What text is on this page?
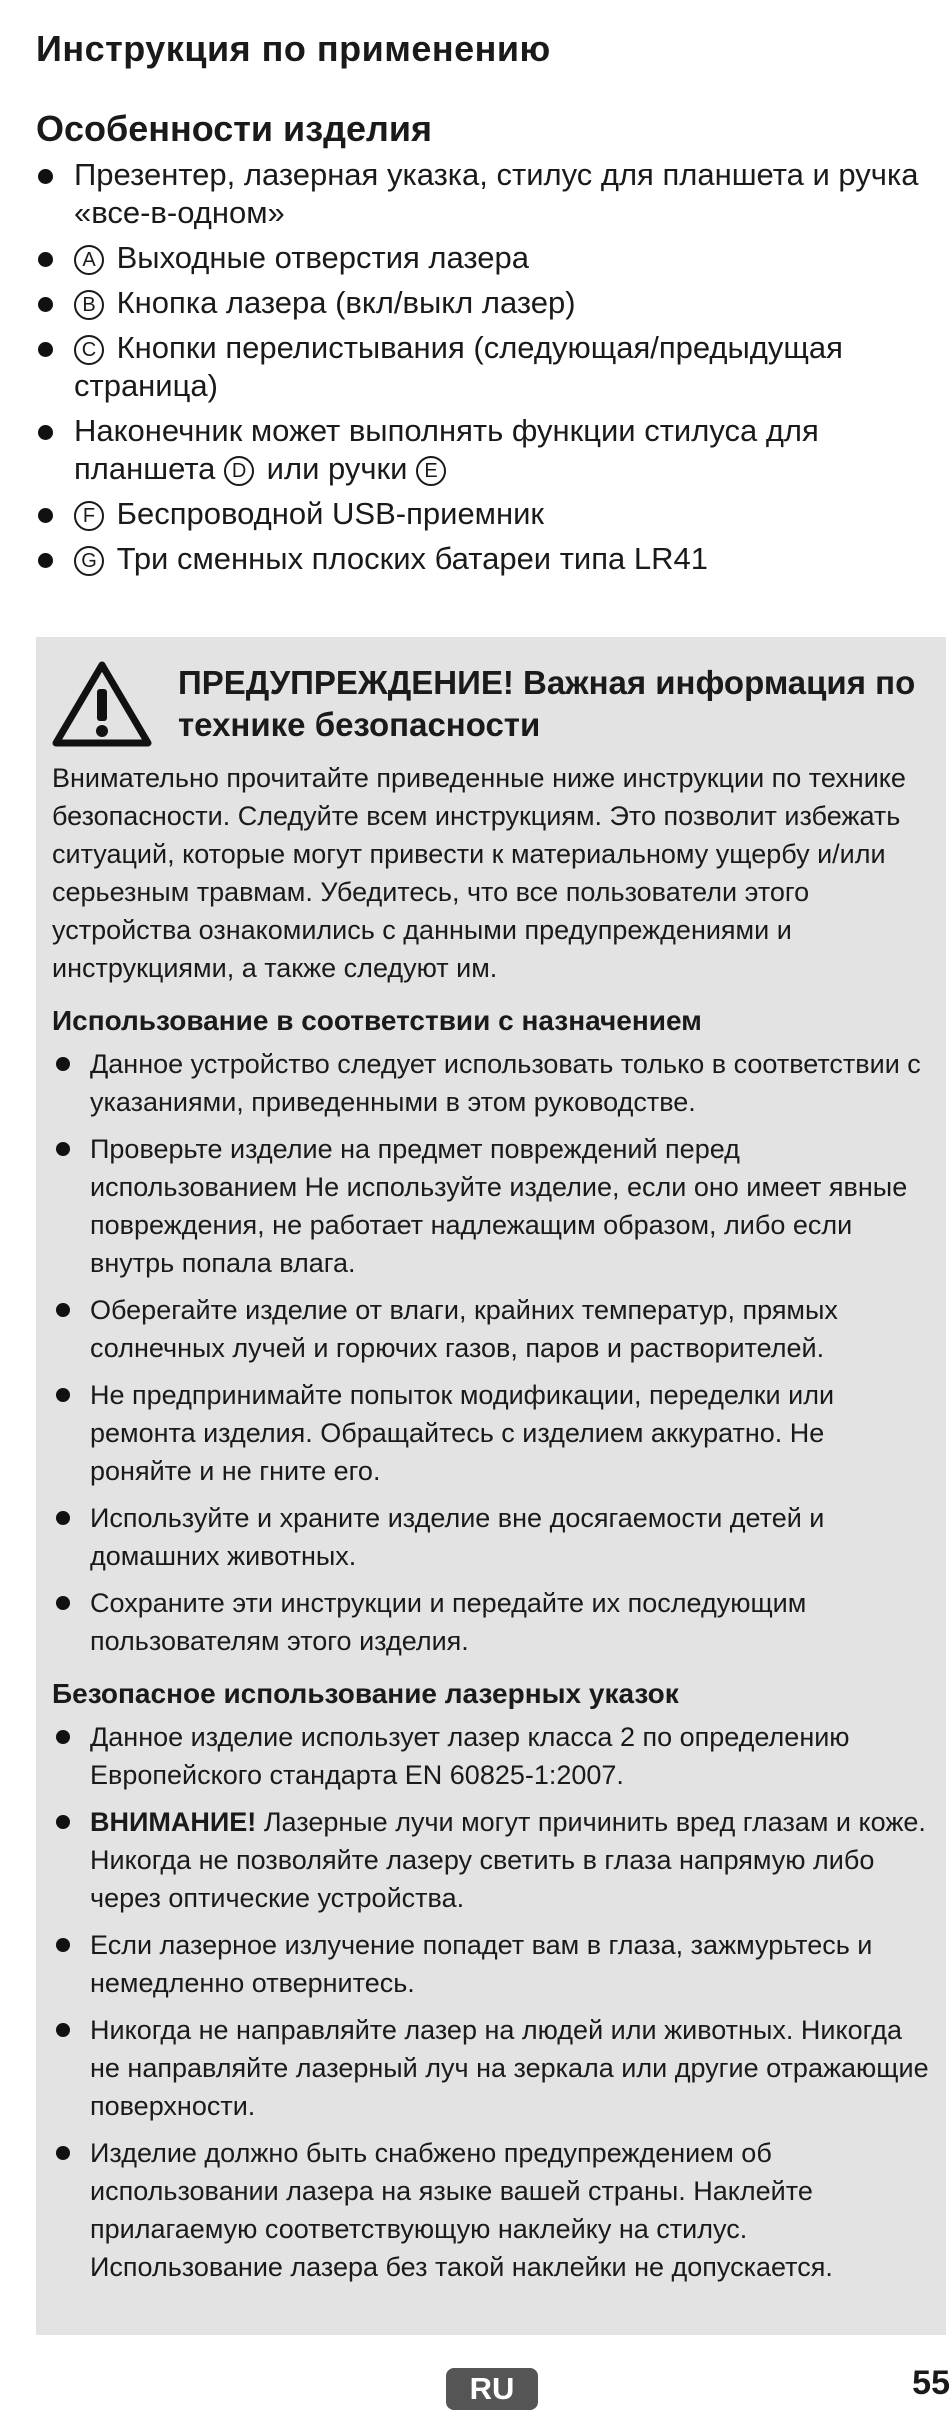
Инструкция по применению
Особенности изделия
Презентер, лазерная указка, стилус для планшета и ручка «все-в-одном»
A Выходные отверстия лазера
B Кнопка лазера (вкл/выкл лазер)
C Кнопки перелистывания (следующая/предыдущая страница)
Наконечник может выполнять функции стилуса для планшета D или ручки E
F Беспроводной USB-приемник
G Три сменных плоских батареи типа LR41
ПРЕДУПРЕЖДЕНИЕ! Важная информация по технике безопасности

Внимательно прочитайте приведенные ниже инструкции по технике безопасности. Следуйте всем инструкциям. Это позволит избежать ситуаций, которые могут привести к материальному ущербу и/или серьезным травмам. Убедитесь, что все пользователи этого устройства ознакомились с данными предупреждениями и инструкциями, а также следуют им.

Использование в соответствии с назначением
Данное устройство следует использовать только в соответствии с указаниями, приведенными в этом руководстве.
Проверьте изделие на предмет повреждений перед использованием Не используйте изделие, если оно имеет явные повреждения, не работает надлежащим образом, либо если внутрь попала влага.
Оберегайте изделие от влаги, крайних температур, прямых солнечных лучей и горючих газов, паров и растворителей.
Не предпринимайте попыток модификации, переделки или ремонта изделия. Обращайтесь с изделием аккуратно. Не роняйте и не гните его.
Используйте и храните изделие вне досягаемости детей и домашних животных.
Сохраните эти инструкции и передайте их последующим пользователям этого изделия.
Безопасное использование лазерных указок
Данное изделие использует лазер класса 2 по определению Европейского стандарта EN 60825-1:2007.
ВНИМАНИЕ! Лазерные лучи могут причинить вред глазам и коже. Никогда не позволяйте лазеру светить в глаза напрямую либо через оптические устройства.
Если лазерное излучение попадет вам в глаза, зажмурьтесь и немедленно отвернитесь.
Никогда не направляйте лазер на людей или животных. Никогда не направляйте лазерный луч на зеркала или другие отражающие поверхности.
Изделие должно быть снабжено предупреждением об использовании лазера на языке вашей страны. Наклейте прилагаемую соответствующую наклейку на стилус. Использование лазера без такой наклейки не допускается.
RU	55
